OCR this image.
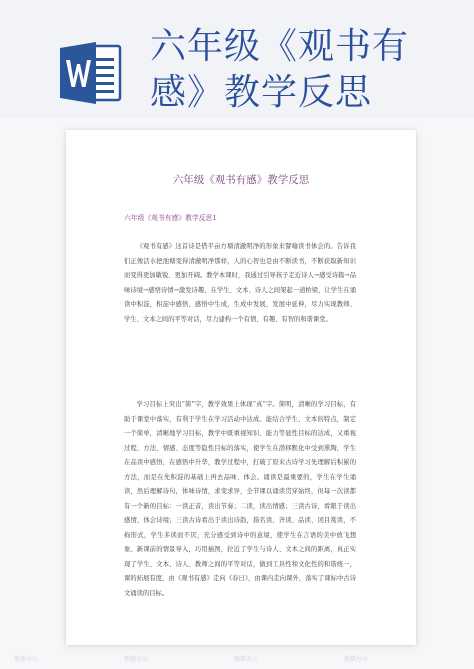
六年级《观书有感》教学反思
六年级《观书有感》教学反思
六年级《观书有感》教学反思1

《观书有感》这首诗是借半亩方塘清澈明净的形象来譬喻读书体会的。告诉我们正像活水把池塘变得清澈明净那样，人的心智也是由不断读书，不断获取新知识而变得更加敏锐、更加开阔。教学本课时，我通过引导孩子走近诗人→感受诗篇→品味诗境→感悟诗情→激发诗趣，在学生、文本、诗人之间架起一道桥梁，让学生在诵读中积淀，积淀中感悟，感悟中生成，生成中发展，发展中延伸，尽力实现教师、学生、文本之间的平等对话，尽力建构一个有情、有趣、有智的和谐课堂。

学习目标上突出“简”字，教学效果上体现“真”字。简明，清晰的学习目标，有助于课堂中落实，有利于学生在学习活动中达成。能结合学生、文本的特点，制定一个简单，清晰地学习目标，教学中既重视知识、能力等显性目标的达成，又重视过程、方法、情感、态度等隐性目标的落实，使学生在潜移默化中受到熏陶，学生在品读中感悟，在感悟中升华，教学过程中，打破了原来古诗学习先理解后积累的方法，而是在先积淀的基础上再去品味、体会。诵读是最重要的，学生在学生诵读，然后理解诗句，体味诗情，求变求异，全节课以诵读贯穿始终，但每一次读都有一个新的目标：一读正音，读出节奏；二读，读出情感；三读古诗，看眼于读出感情，体会诗境；三读古诗看出于读出诗韵，指名读、齐读、品读、闭目赏读，不拘形式，学生多读而不厌，充分感受到诗中的意境，使学生在言语的美中放飞想象、新课前的情景导入，巧用插图，拉近了学生与诗人、文本之间的距离，真正实现了学生、文本、诗人、教师之间的平等对话，做到工具性和文化性的和谐统一，课的拓展有度，由《观书有感》走向《春日》，由课内走向课外，落实了课标中古诗文诵读的目标。

熊猫办公	熊猫办公	熊猫办公	熊猫办公
